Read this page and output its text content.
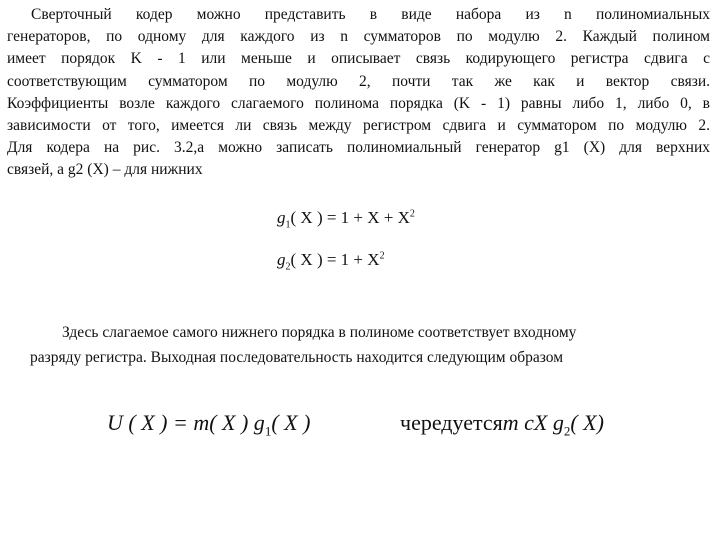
Сверточный кодер можно представить в виде набора из n полиномиальных
генераторов, по одному для каждого из n сумматоров по модулю 2. Каждый полином
имеет порядок K - 1 или меньше и описывает связь кодирующего регистра сдвига с
соответствующим сумматором по модулю 2, почти так же как и вектор связи.
Коэффициенты возле каждого слагаемого полинома порядка (K - 1) равны либо 1, либо 0, в
зависимости от того, имеется ли связь между регистром сдвига и сумматором по модулю 2.
Для кодера на рис. 3.2,а можно записать полиномиальный генератор g1 (X) для верхних
связей, а g2 (X) – для нижних
$g_1$( X ) = $1 + X + X^2$
$g_2$( X ) = $1 + X^2$
Здесь слагаемое самого нижнего порядка в полиноме соответствует входному
разряду регистра. Выходная последовательность находится следующим образом
U ( X ) = m( X ) $g_1$( X )	чередуетсяm cX $g_2$( X)
